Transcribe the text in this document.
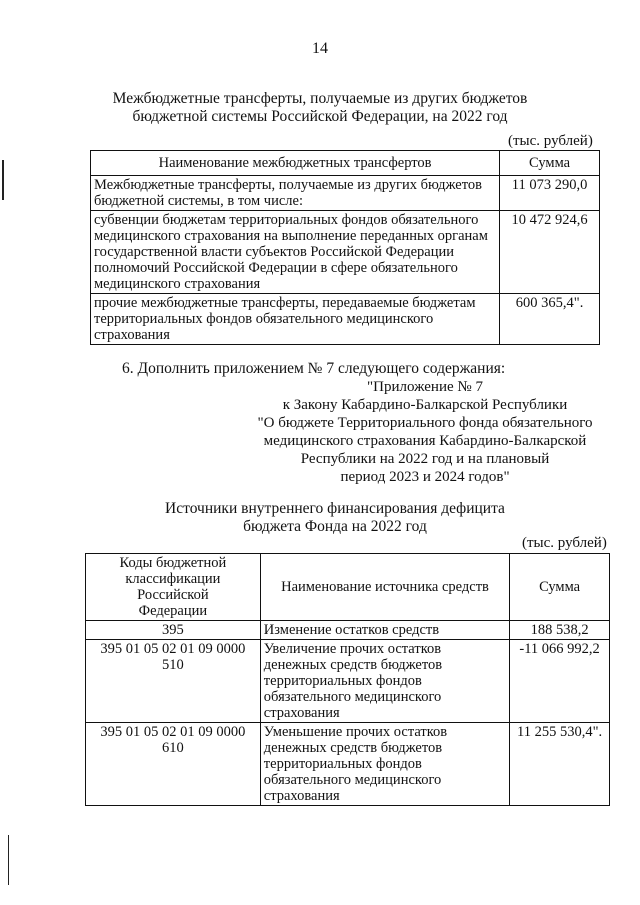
14
Межбюджетные трансферты, получаемые из других бюджетов
бюджетной системы Российской Федерации, на 2022 год
(тыс. рублей)
Наименование межбюджетных трансфертов	Сумма
Межбюджетные трансферты, получаемые из других бюджетов бюджетной системы, в том числе:	11 073 290,0
субвенции бюджетам территориальных фондов обязательного медицинского страхования на выполнение переданных органам государственной власти субъектов Российской Федерации полномочий Российской Федерации в сфере обязательного медицинского страхования	10 472 924,6
прочие межбюджетные трансферты, передаваемые бюджетам территориальных фондов обязательного медицинского страхования	600 365,4".
6. Дополнить приложением № 7 следующего содержания:
"Приложение № 7
к Закону Кабардино-Балкарской Республики
"О бюджете Территориального фонда обязательного
медицинского страхования Кабардино-Балкарской
Республики на 2022 год и на плановый
период 2023 и 2024 годов"
Источники внутреннего финансирования дефицита
бюджета Фонда на 2022 год
(тыс. рублей)
Коды бюджетной классификации Российской Федерации	Наименование источника средств	Сумма
395	Изменение остатков средств	188 538,2
395 01 05 02 01 09 0000 510	Увеличение прочих остатков денежных средств бюджетов территориальных фондов обязательного медицинского страхования	-11 066 992,2
395 01 05 02 01 09 0000 610	Уменьшение прочих остатков денежных средств бюджетов территориальных фондов обязательного медицинского страхования	11 255 530,4".
